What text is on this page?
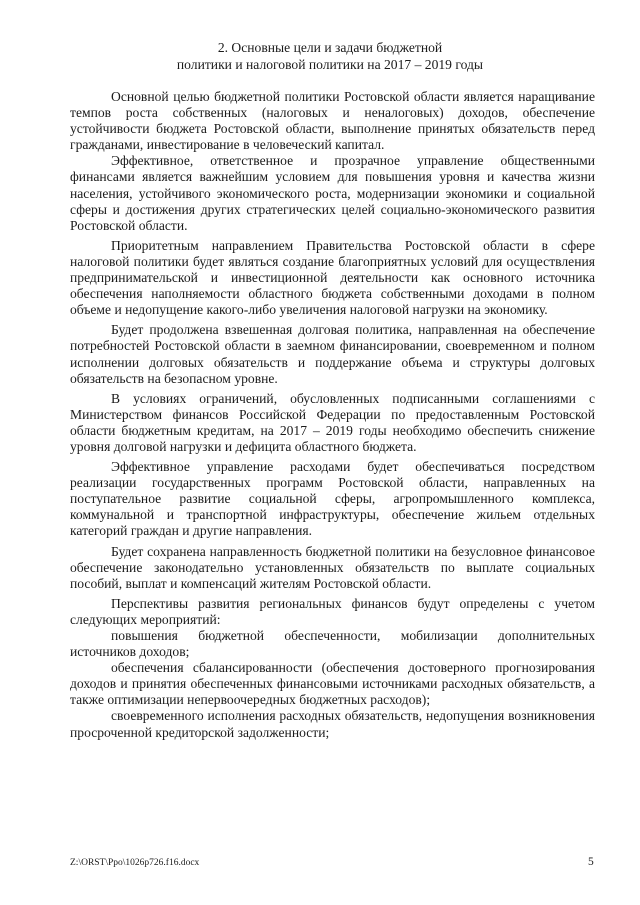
2. Основные цели и задачи бюджетной
политики и налоговой политики на 2017 – 2019 годы

Основной целью бюджетной политики Ростовской области является наращивание темпов роста собственных (налоговых и неналоговых) доходов, обеспечение устойчивости бюджета Ростовской области, выполнение принятых обязательств перед гражданами, инвестирование в человеческий капитал.

Эффективное, ответственное и прозрачное управление общественными финансами является важнейшим условием для повышения уровня и качества жизни населения, устойчивого экономического роста, модернизации экономики и социальной сферы и достижения других стратегических целей социально-экономического развития Ростовской области.

Приоритетным направлением Правительства Ростовской области в сфере налоговой политики будет являться создание благоприятных условий для осуществления предпринимательской и инвестиционной деятельности как основного источника обеспечения наполняемости областного бюджета собственными доходами в полном объеме и недопущение какого-либо увеличения налоговой нагрузки на экономику.

Будет продолжена взвешенная долговая политика, направленная на обеспечение потребностей Ростовской области в заемном финансировании, своевременном и полном исполнении долговых обязательств и поддержание объема и структуры долговых обязательств на безопасном уровне.

В условиях ограничений, обусловленных подписанными соглашениями с Министерством финансов Российской Федерации по предоставленным Ростовской области бюджетным кредитам, на 2017 – 2019 годы необходимо обеспечить снижение уровня долговой нагрузки и дефицита областного бюджета.

Эффективное управление расходами будет обеспечиваться посредством реализации государственных программ Ростовской области, направленных на поступательное развитие социальной сферы, агропромышленного комплекса, коммунальной и транспортной инфраструктуры, обеспечение жильем отдельных категорий граждан и другие направления.

Будет сохранена направленность бюджетной политики на безусловное финансовое обеспечение законодательно установленных обязательств по выплате социальных пособий, выплат и компенсаций жителям Ростовской области.

Перспективы развития региональных финансов будут определены с учетом следующих мероприятий:

повышения бюджетной обеспеченности, мобилизации дополнительных источников доходов;

обеспечения сбалансированности (обеспечения достоверного прогнозирования доходов и принятия обеспеченных финансовыми источниками расходных обязательств, а также оптимизации непервоочередных бюджетных расходов);

своевременного исполнения расходных обязательств, недопущения возникновения просроченной кредиторской задолженности;

Z:\ORST\Ppo\1026p726.f16.docx	5
